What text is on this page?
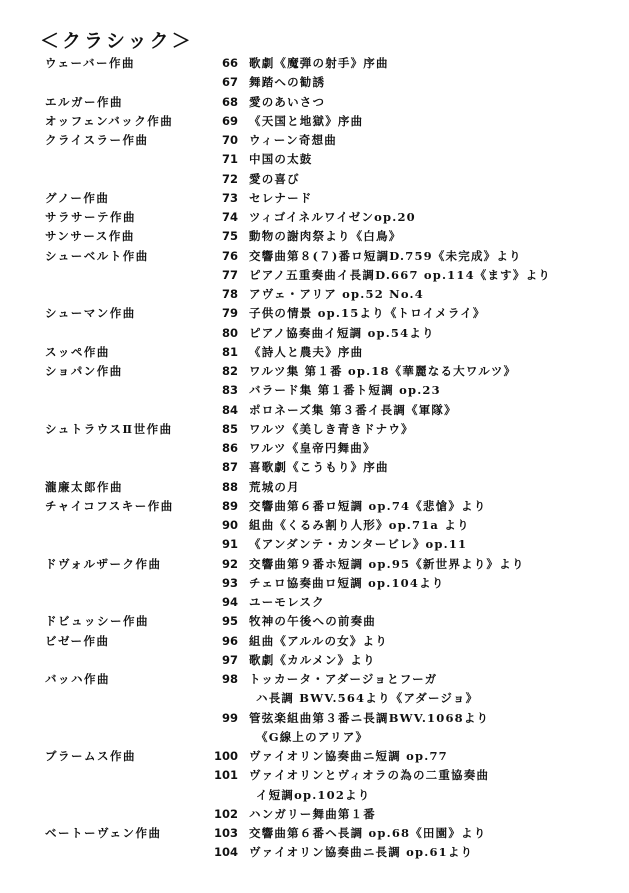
＜クラシック＞
ウェーバー作曲	66 歌劇《魔弾の射手》序曲
67 舞踏への勧誘
エルガー作曲	68 愛のあいさつ
オッフェンバック作曲	69 《天国と地獄》序曲
クライスラー作曲	70 ウィーン奇想曲
71 中国の太鼓
72 愛の喜び
グノー作曲	73 セレナード
サラサーテ作曲	74 ツィゴイネルワイゼンop.20
サンサース作曲	75 動物の謝肉祭より《白鳥》
シューベルト作曲	76 交響曲第８(７)番ロ短調D.759《未完成》より
77 ピアノ五重奏曲イ長調D.667 op.114《ます》より
78 アヴェ・アリア op.52 No.4
シューマン作曲	79 子供の情景 op.15より《トロイメライ》
80 ピアノ協奏曲イ短調 op.54より
スッペ作曲	81 《詩人と農夫》序曲
ショパン作曲	82 ワルツ集 第１番 op.18《華麗なる大ワルツ》
83 バラード集 第１番ト短調 op.23
84 ポロネーズ集 第３番イ長調《軍隊》
シュトラウスⅡ世作曲	85 ワルツ《美しき青きドナウ》
86 ワルツ《皇帝円舞曲》
87 喜歌劇《こうもり》序曲
瀧廉太郎作曲	88 荒城の月
チャイコフスキー作曲	89 交響曲第６番ロ短調 op.74《悲愴》より
90 組曲《くるみ割り人形》op.71a より
91 《アンダンテ・カンタービレ》op.11
ドヴォルザーク作曲	92 交響曲第９番ホ短調 op.95《新世界より》より
93 チェロ協奏曲ロ短調 op.104より
94 ユーモレスク
ドビュッシー作曲	95 牧神の午後への前奏曲
ビゼー作曲	96 組曲《アルルの女》より
97 歌劇《カルメン》より
バッハ作曲	98 トッカータ・アダージョとフーガ
ハ長調 BWV.564より《アダージョ》
99 管弦楽組曲第３番ニ長調BWV.1068より
《G線上のアリア》
ブラームス作曲	100 ヴァイオリン協奏曲ニ短調 op.77
101 ヴァイオリンとヴィオラの為の二重協奏曲
イ短調op.102より
102 ハンガリー舞曲第１番
ベートーヴェン作曲	103 交響曲第６番ヘ長調 op.68《田園》より
104 ヴァイオリン協奏曲ニ長調 op.61より
